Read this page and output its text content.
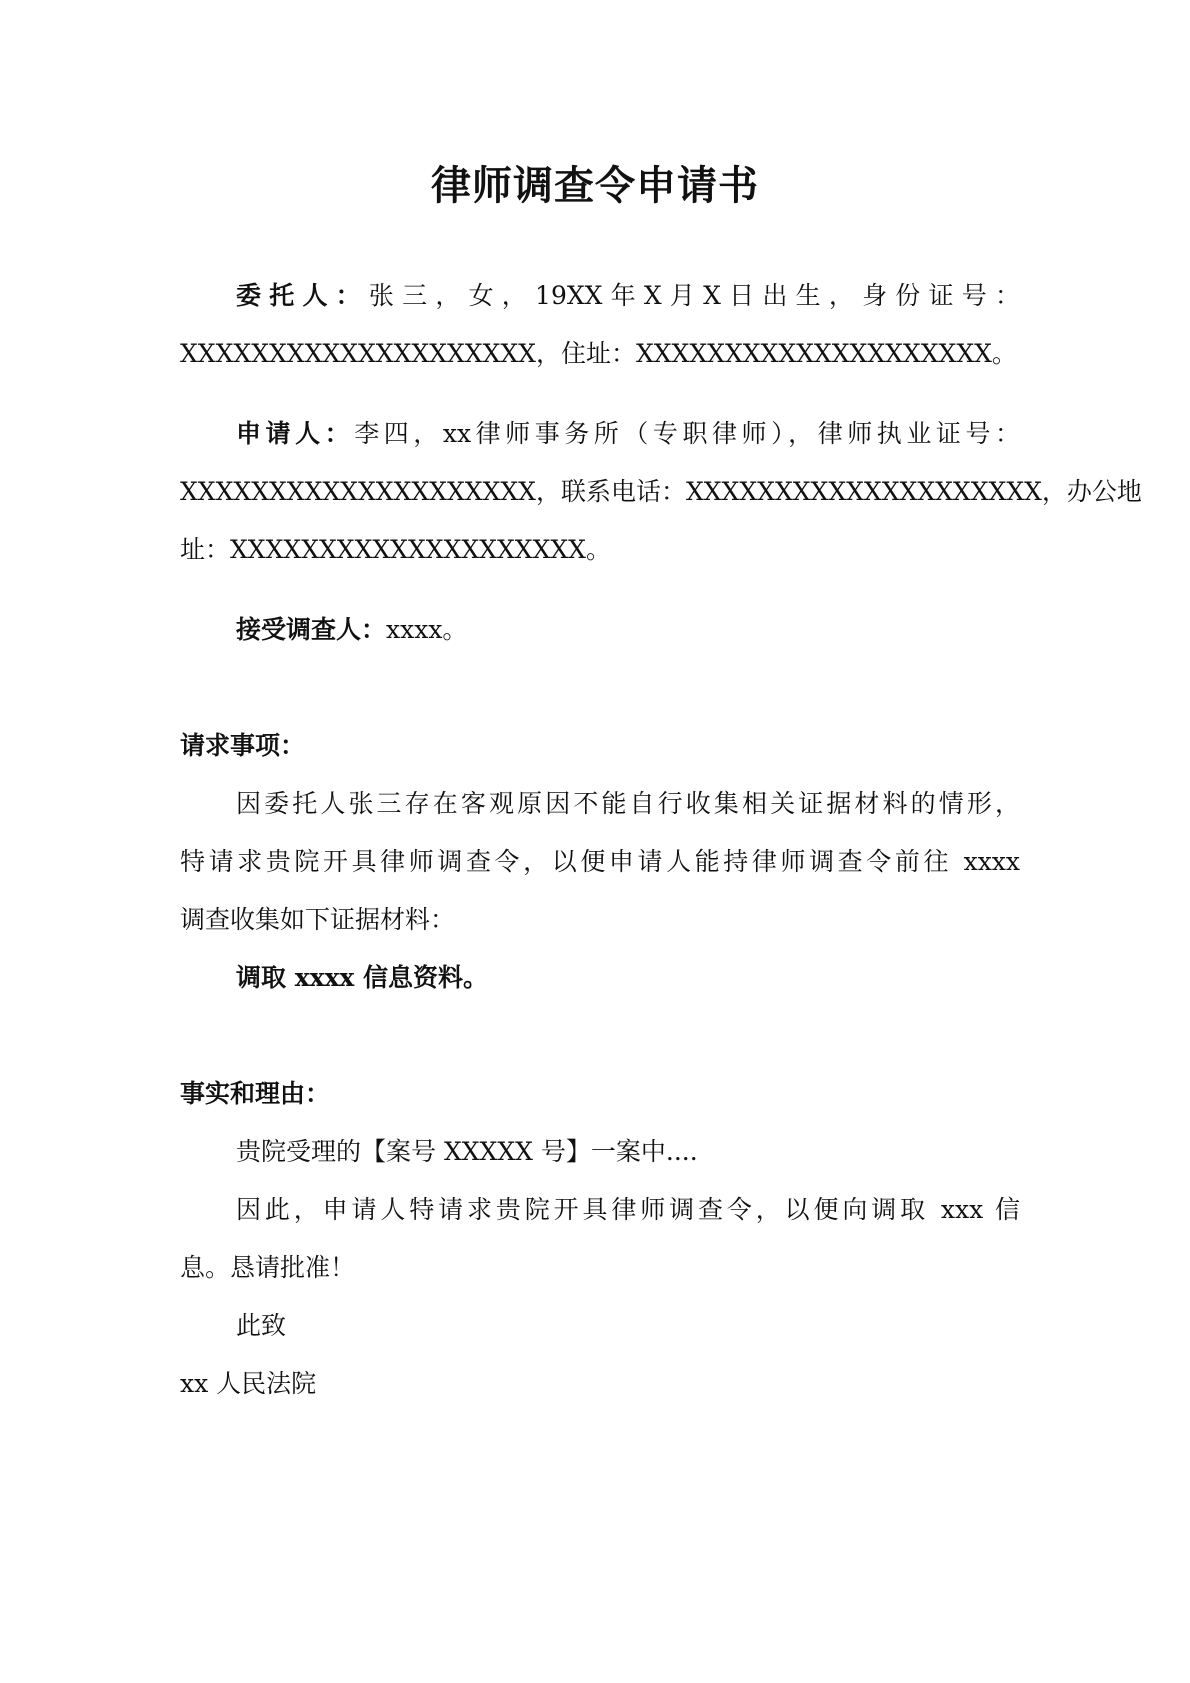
律师调查令申请书
委托人：张三，女，19XX年X月X日出生，身份证号：
XXXXXXXXXXXXXXXXXXXX，住址：XXXXXXXXXXXXXXXXXXXX。
申请人：李四，xx律师事务所（专职律师），律师执业证号：
XXXXXXXXXXXXXXXXXXXX，联系电话：XXXXXXXXXXXXXXXXXXXX，办公地
址：XXXXXXXXXXXXXXXXXXXX。
接受调查人：xxxx。
请求事项：
因委托人张三存在客观原因不能自行收集相关证据材料的情形，
特请求贵院开具律师调查令，以便申请人能持律师调查令前往 xxxx
调查收集如下证据材料：
调取 xxxx 信息资料。
事实和理由：
贵院受理的【案号 XXXXX 号】一案中....
因此，申请人特请求贵院开具律师调查令，以便向调取 xxx 信
息。恳请批准！
此致
xx 人民法院
